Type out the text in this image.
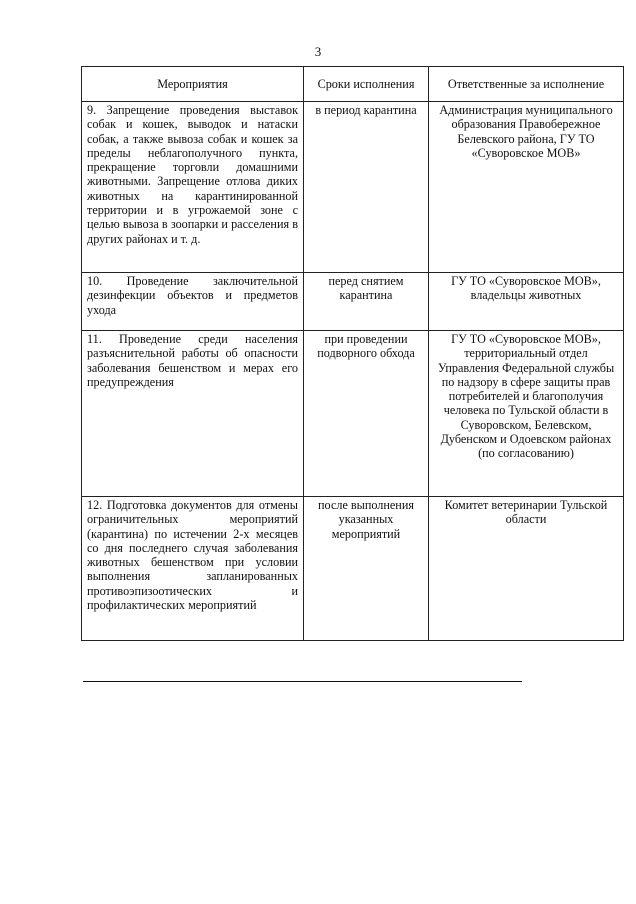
3
Мероприятия	Сроки исполнения	Ответственные за исполнение
9. Запрещение проведения выставок собак и кошек, выводок и натаски собак, а также вывоза собак и кошек за пределы неблагополучного пункта, прекращение торговли домашними животными. Запрещение отлова диких животных на карантинированной территории и в угрожаемой зоне с целью вывоза в зоопарки и расселения в других районах и т. д.	в период карантина	Администрация муниципального образования Правобережное Белевского района, ГУ ТО «Суворовское МОВ»
10. Проведение заключительной дезинфекции объектов и предметов ухода	перед снятием карантина	ГУ ТО «Суворовское МОВ», владельцы животных
11. Проведение среди населения разъяснительной работы об опасности заболевания бешенством и мерах его предупреждения	при проведении подворного обхода	ГУ ТО «Суворовское МОВ», территориальный отдел Управления Федеральной службы по надзору в сфере защиты прав потребителей и благополучия человека по Тульской области в Суворовском, Белевском, Дубенском и Одоевском районах (по согласованию)
12. Подготовка документов для отмены ограничительных мероприятий (карантина) по истечении 2-х месяцев со дня последнего случая заболевания животных бешенством при условии выполнения запланированных противоэпизоотических и профилактических мероприятий	после выполнения указанных мероприятий	Комитет ветеринарии Тульской области
